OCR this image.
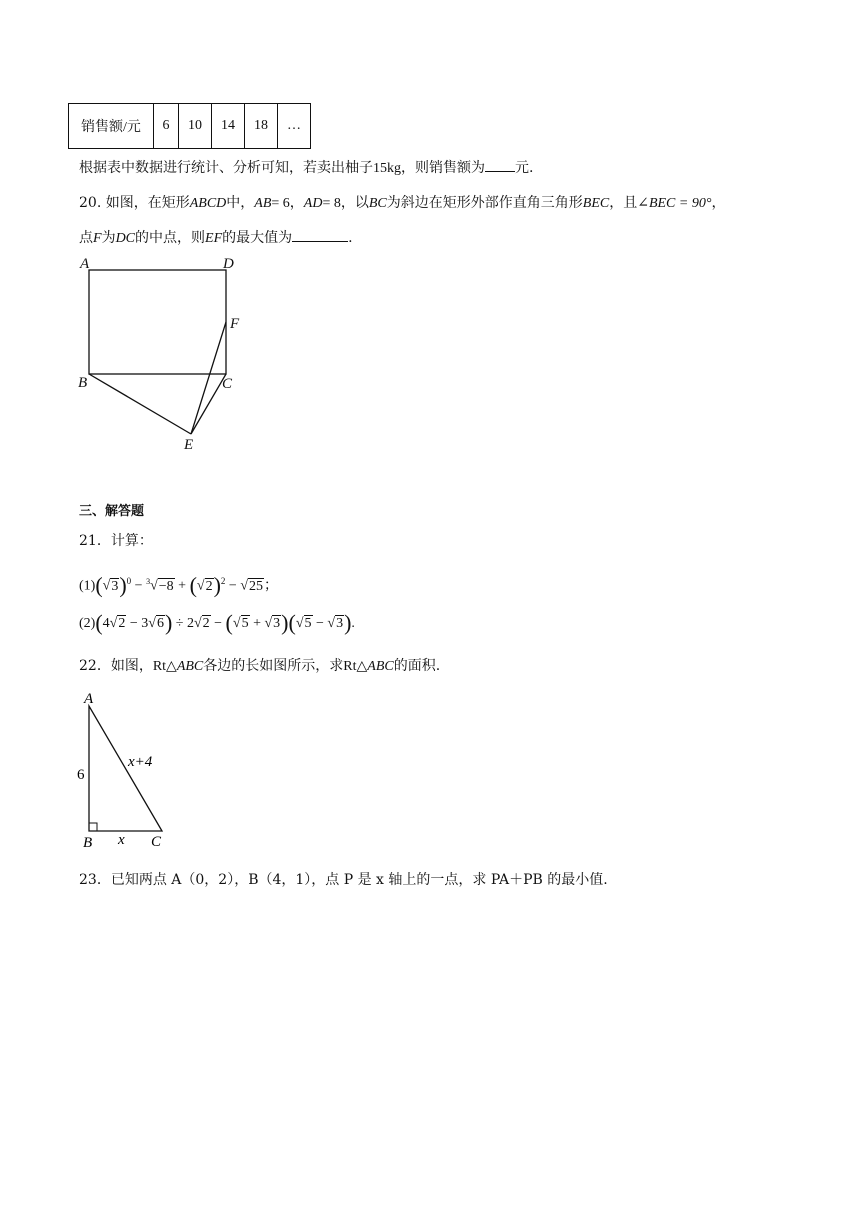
销售额/元	6	10	14	18	…
根据表中数据进行统计、分析可知，若卖出柚子15kg，则销售额为 元.
20. 如图，在矩形ABCD中，AB= 6，AD= 8，以BC为斜边在矩形外部作直角三角形BEC，且∠BEC = 90°，
点F为DC的中点，则EF的最大值为	.
A	D
F
B	C
E
三、解答题
21．计算：
$(1)(√3)^0 - ^3√-8 + (√2)^2 - √25$；
(2)(4√2 − 3√6) ÷ 2√2 − (√5 + √3)(√5 − √3).
22．如图，Rt△ABC各边的长如图所示，求Rt△ABC的面积.
A
B	C
6
x+4
x
23．已知两点 A（0，2），B（4，1），点 P 是 x 轴上的一点，求 PA＋PB 的最小值.
